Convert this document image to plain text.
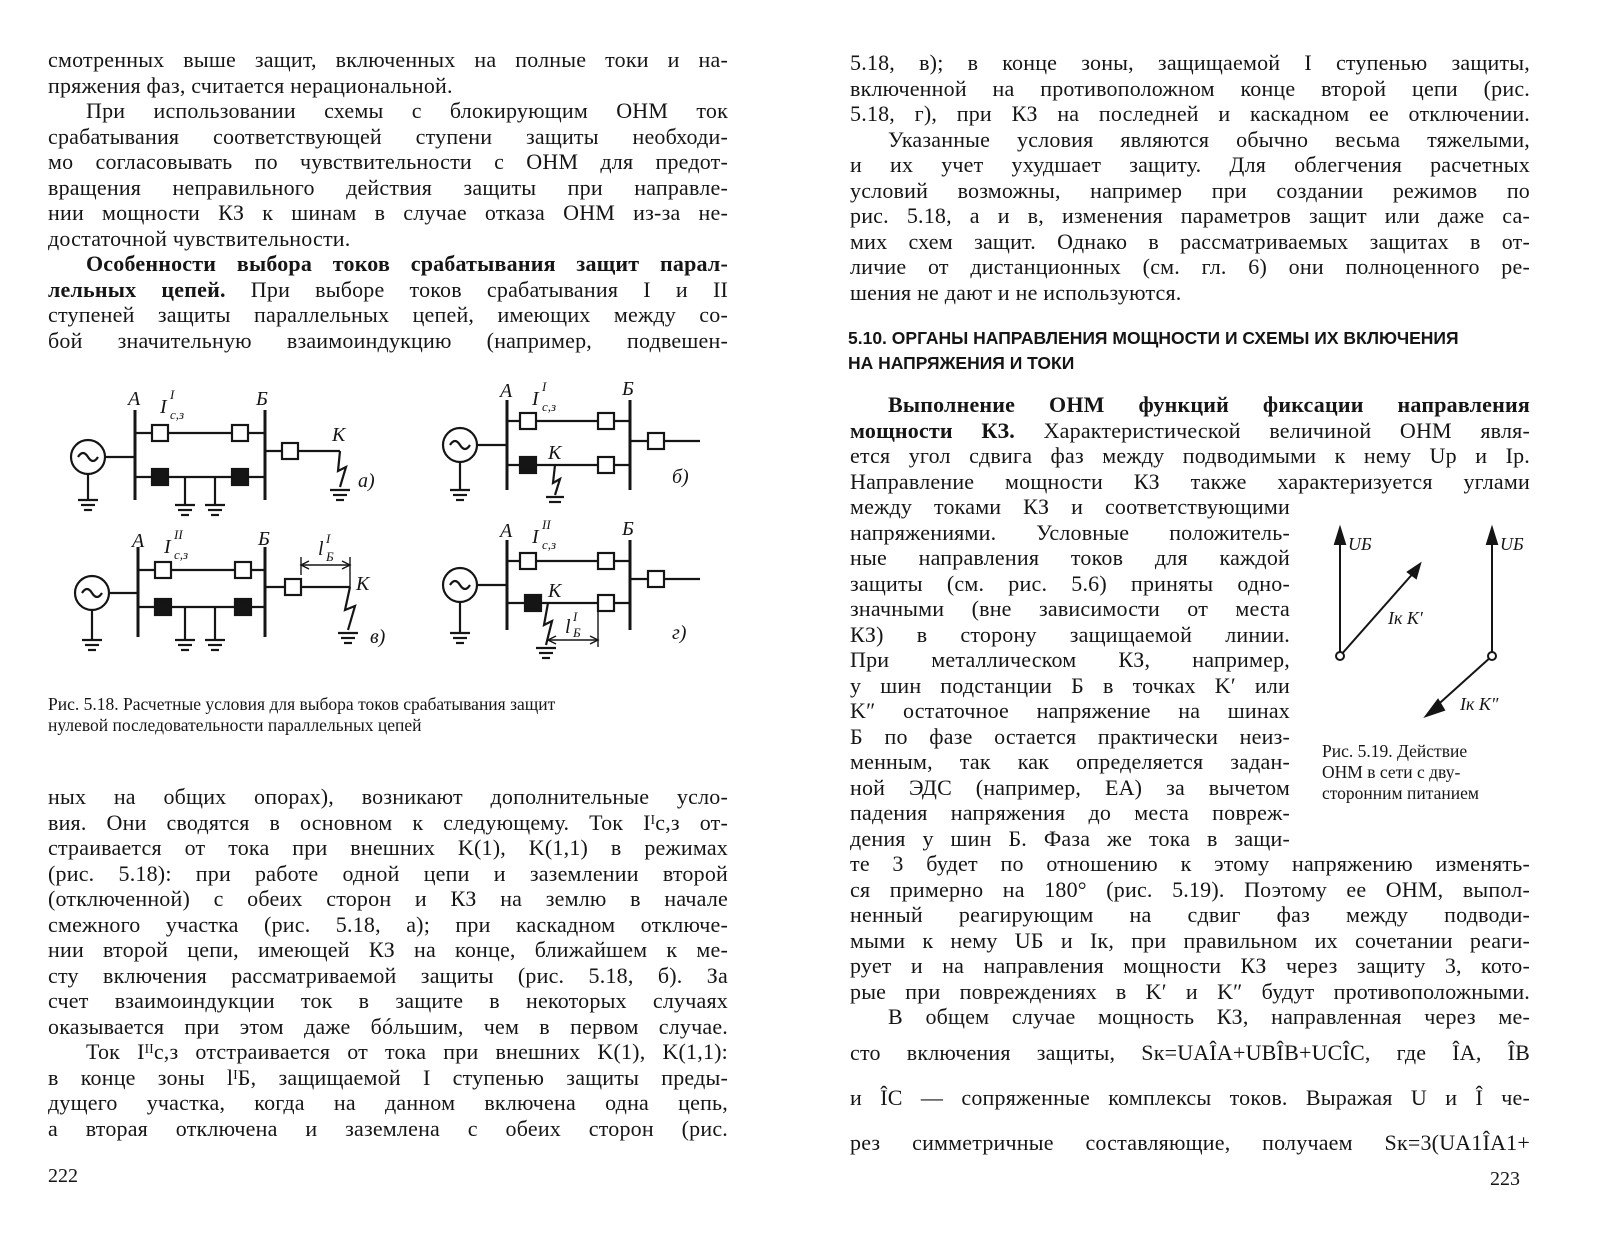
смотренных выше защит, включенных на полные токи и на-
пряжения фаз, считается нерациональной.
При использовании схемы с блокирующим ОНМ ток
срабатывания соответствующей ступени защиты необходи-
мо согласовывать по чувствительности с ОНМ для предот-
вращения неправильного действия защиты при направле-
нии мощности КЗ к шинам в случае отказа ОНМ из-за не-
достаточной чувствительности.
Особенности выбора токов срабатывания защит парал-
лельных цепей. При выборе токов срабатывания I и II
ступеней защиты параллельных цепей, имеющих между со-
бой значительную взаимоиндукцию (например, подвешен-
А I
I
c,з
Б
К
а)
А I
I
c,з
Б
К
б)
А I
II
c,з
Б l I
Б
К
в)
А I
II
c,з
Б
К
l I
Б	г)
Рис. 5.18. Расчетные условия для выбора токов срабатывания защит
нулевой последовательности параллельных цепей
ных на общих опорах), возникают дополнительные усло-
вия. Они сводятся в основном к следующему. Ток Iᴵc,з от-
страивается от тока при внешних K(1), K(1,1) в режимах
(рис. 5.18): при работе одной цепи и заземлении второй
(отключенной) с обеих сторон и КЗ на землю в начале
смежного участка (рис. 5.18, а); при каскадном отключе-
нии второй цепи, имеющей КЗ на конце, ближайшем к ме-
сту включения рассматриваемой защиты (рис. 5.18, б). За
счет взаимоиндукции ток в защите в некоторых случаях
оказывается при этом даже бóльшим, чем в первом случае.
Ток Iᴵᴵc,з отстраивается от тока при внешних K(1), K(1,1):
в конце зоны lᴵБ, защищаемой I ступенью защиты преды-
дущего участка, когда на данном включена одна цепь,
а вторая отключена и заземлена с обеих сторон (рис.
222
5.18, в); в конце зоны, защищаемой I ступенью защиты,
включенной на противоположном конце второй цепи (рис.
5.18, г), при КЗ на последней и каскадном ее отключении.
Указанные условия являются обычно весьма тяжелыми,
и их учет ухудшает защиту. Для облегчения расчетных
условий возможны, например при создании режимов по
рис. 5.18, а и в, изменения параметров защит или даже са-
мих схем защит. Однако в рассматриваемых защитах в от-
личие от дистанционных (см. гл. 6) они полноценного ре-
шения не дают и не используются.
5.10. ОРГАНЫ НАПРАВЛЕНИЯ МОЩНОСТИ И СХЕМЫ ИХ ВКЛЮЧЕНИЯ
НА НАПРЯЖЕНИЯ И ТОКИ
Выполнение ОНМ функций фиксации направления
мощности КЗ. Характеристической величиной ОНМ явля-
ется угол сдвига фаз между подводимыми к нему Uр и Iр.
Направление мощности КЗ также характеризуется углами
между токами КЗ и соответствующими
напряжениями. Условные положитель-
ные направления токов для каждой
защиты (см. рис. 5.6) приняты одно-
значными (вне зависимости от места
КЗ) в сторону защищаемой линии.
При металлическом КЗ, например,
у шин подстанции Б в точках K′ или
K″ остаточное напряжение на шинах
Б по фазе остается практически неиз-
менным, так как определяется задан-
ной ЭДС (например, EA) за вычетом
падения напряжения до места повреж-
дения у шин Б. Фаза же тока в защи-
UБ	UБ
Iк К′
Iк К″
Рис. 5.19. Действие
ОНМ в сети с дву-
сторонним питанием
те 3 будет по отношению к этому напряжению изменять-
ся примерно на 180° (рис. 5.19). Поэтому ее ОНМ, выпол-
ненный реагирующим на сдвиг фаз между подводи-
мыми к нему UБ и Iк, при правильном их сочетании реаги-
рует и на направления мощности КЗ через защиту 3, кото-
рые при повреждениях в K′ и K″ будут противоположными.
В общем случае мощность КЗ, направленная через ме-
сто включения защиты, Sк=UAÎA+UBÎB+UCÎC, где ÎA, ÎB
и ÎC — сопряженные комплексы токов. Выражая U и Î че-
рез симметричные составляющие, получаем Sк=3(UA1ÎA1+
223
